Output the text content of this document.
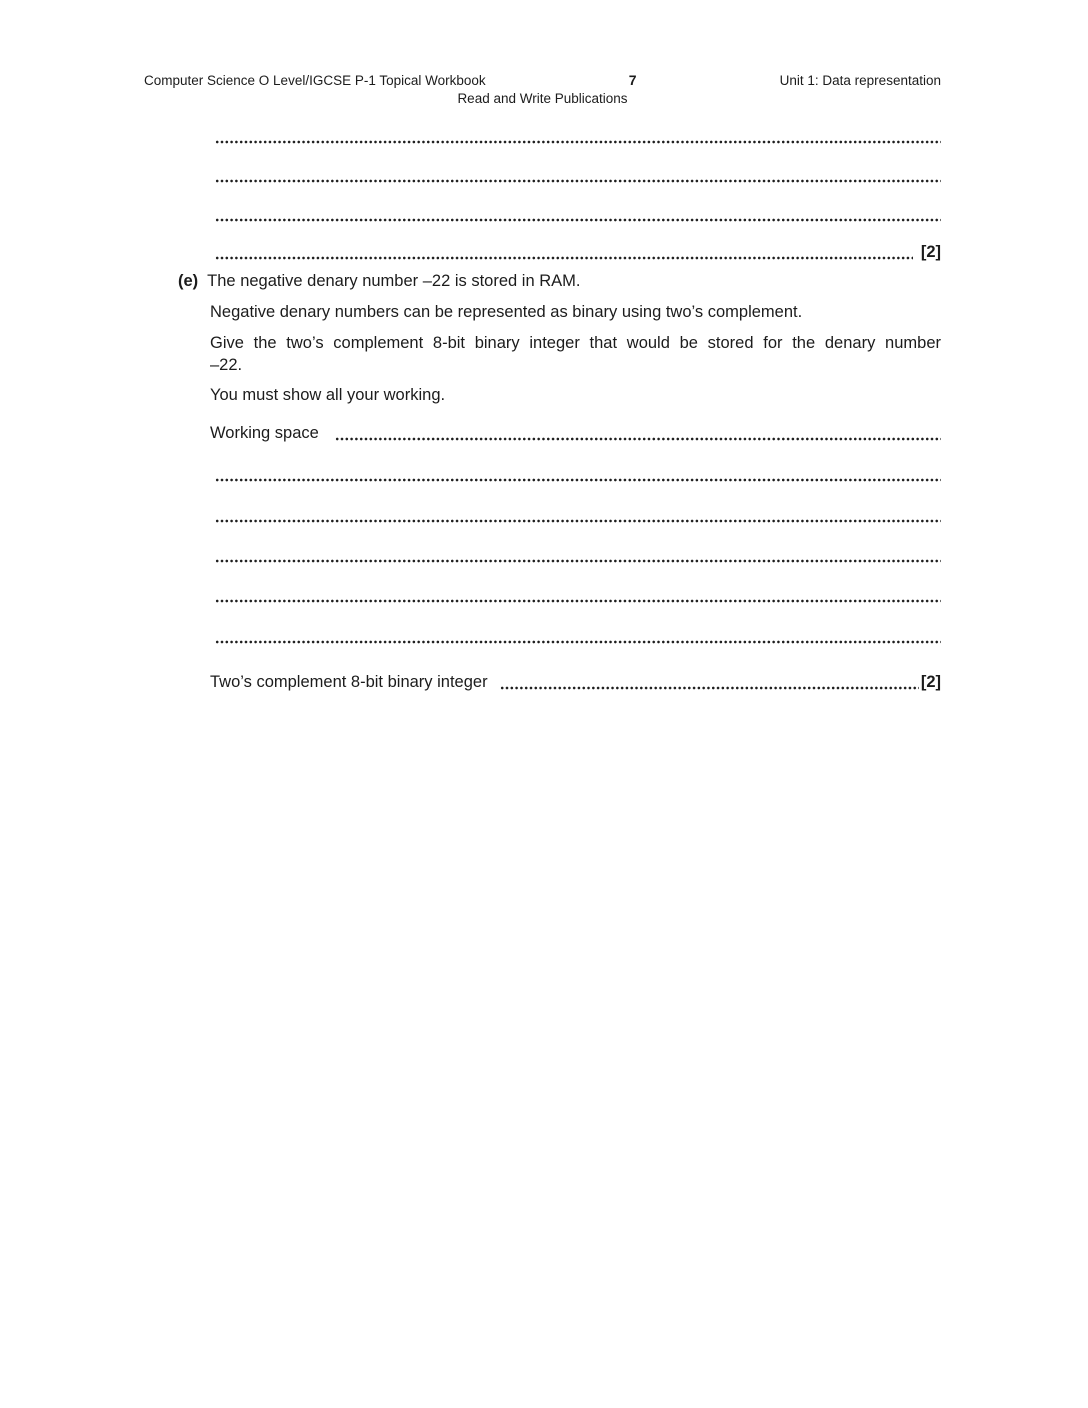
Computer Science O Level/IGCSE P-1 Topical Workbook	7	Unit 1: Data representation
Read and Write Publications
[2]
(e) The negative denary number –22 is stored in RAM.
Negative denary numbers can be represented as binary using two’s complement.
Give the two’s complement 8-bit binary integer that would be stored for the denary number
–22.
You must show all your working.
Working space
Two’s complement 8-bit binary integer	[2]
